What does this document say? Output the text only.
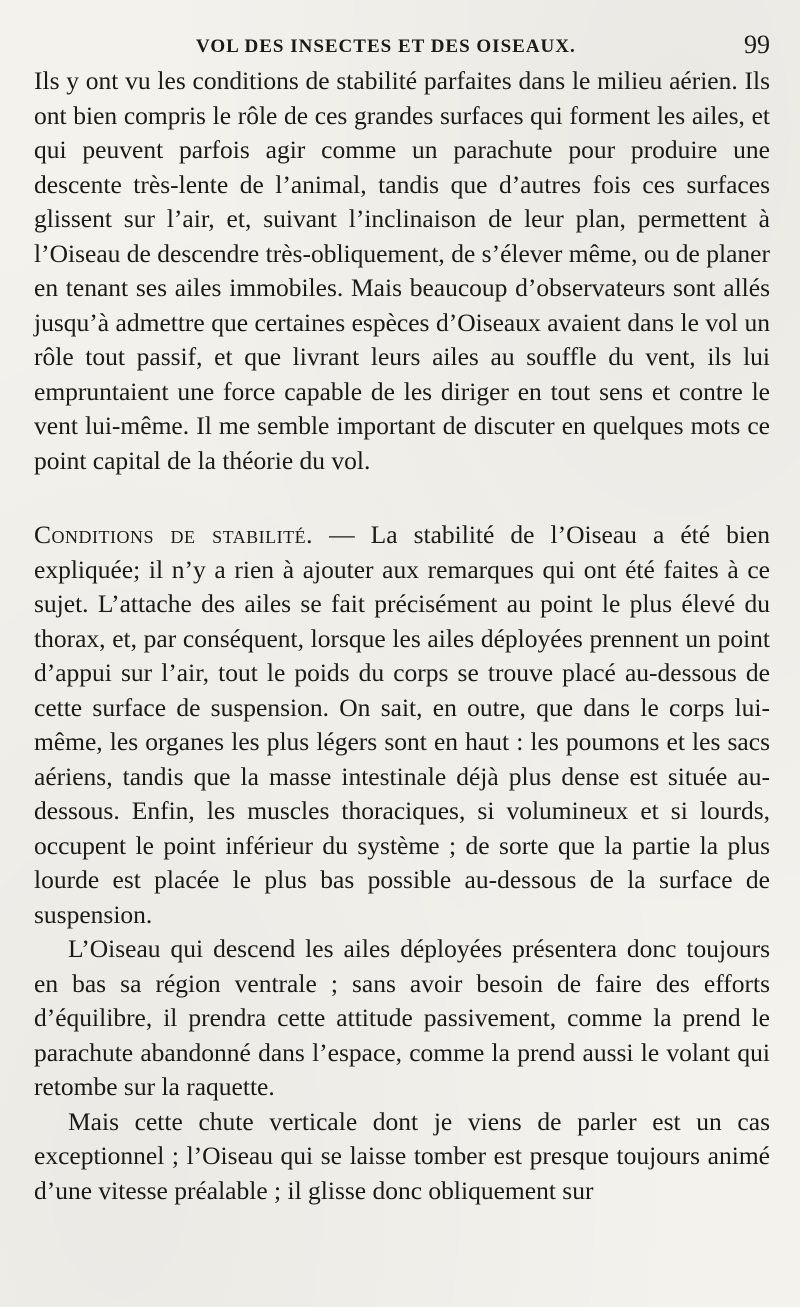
VOL DES INSECTES ET DES OISEAUX.	99

Ils y ont vu les conditions de stabilité parfaites dans le milieu aérien. Ils ont bien compris le rôle de ces grandes surfaces qui forment les ailes, et qui peuvent parfois agir comme un parachute pour produire une descente très-lente de l’animal, tandis que d’autres fois ces surfaces glissent sur l’air, et, suivant l’inclinaison de leur plan, permettent à l’Oiseau de descendre très-obliquement, de s’élever même, ou de planer en tenant ses ailes immobiles. Mais beaucoup d’observateurs sont allés jusqu’à admettre que certaines espèces d’Oiseaux avaient dans le vol un rôle tout passif, et que livrant leurs ailes au souffle du vent, ils lui empruntaient une force capable de les diriger en tout sens et contre le vent lui-même. Il me semble important de discuter en quelques mots ce point capital de la théorie du vol.

Conditions de stabilité. — La stabilité de l’Oiseau a été bien expliquée; il n’y a rien à ajouter aux remarques qui ont été faites à ce sujet. L’attache des ailes se fait précisément au point le plus élevé du thorax, et, par conséquent, lorsque les ailes déployées prennent un point d’appui sur l’air, tout le poids du corps se trouve placé au-dessous de cette surface de suspension. On sait, en outre, que dans le corps lui-même, les organes les plus légers sont en haut : les poumons et les sacs aériens, tandis que la masse intestinale déjà plus dense est située au-dessous. Enfin, les muscles thoraciques, si volumineux et si lourds, occupent le point inférieur du système ; de sorte que la partie la plus lourde est placée le plus bas possible au-dessous de la surface de suspension.

L’Oiseau qui descend les ailes déployées présentera donc toujours en bas sa région ventrale ; sans avoir besoin de faire des efforts d’équilibre, il prendra cette attitude passivement, comme la prend le parachute abandonné dans l’espace, comme la prend aussi le volant qui retombe sur la raquette.

Mais cette chute verticale dont je viens de parler est un cas exceptionnel ; l’Oiseau qui se laisse tomber est presque toujours animé d’une vitesse préalable ; il glisse donc obliquement sur
